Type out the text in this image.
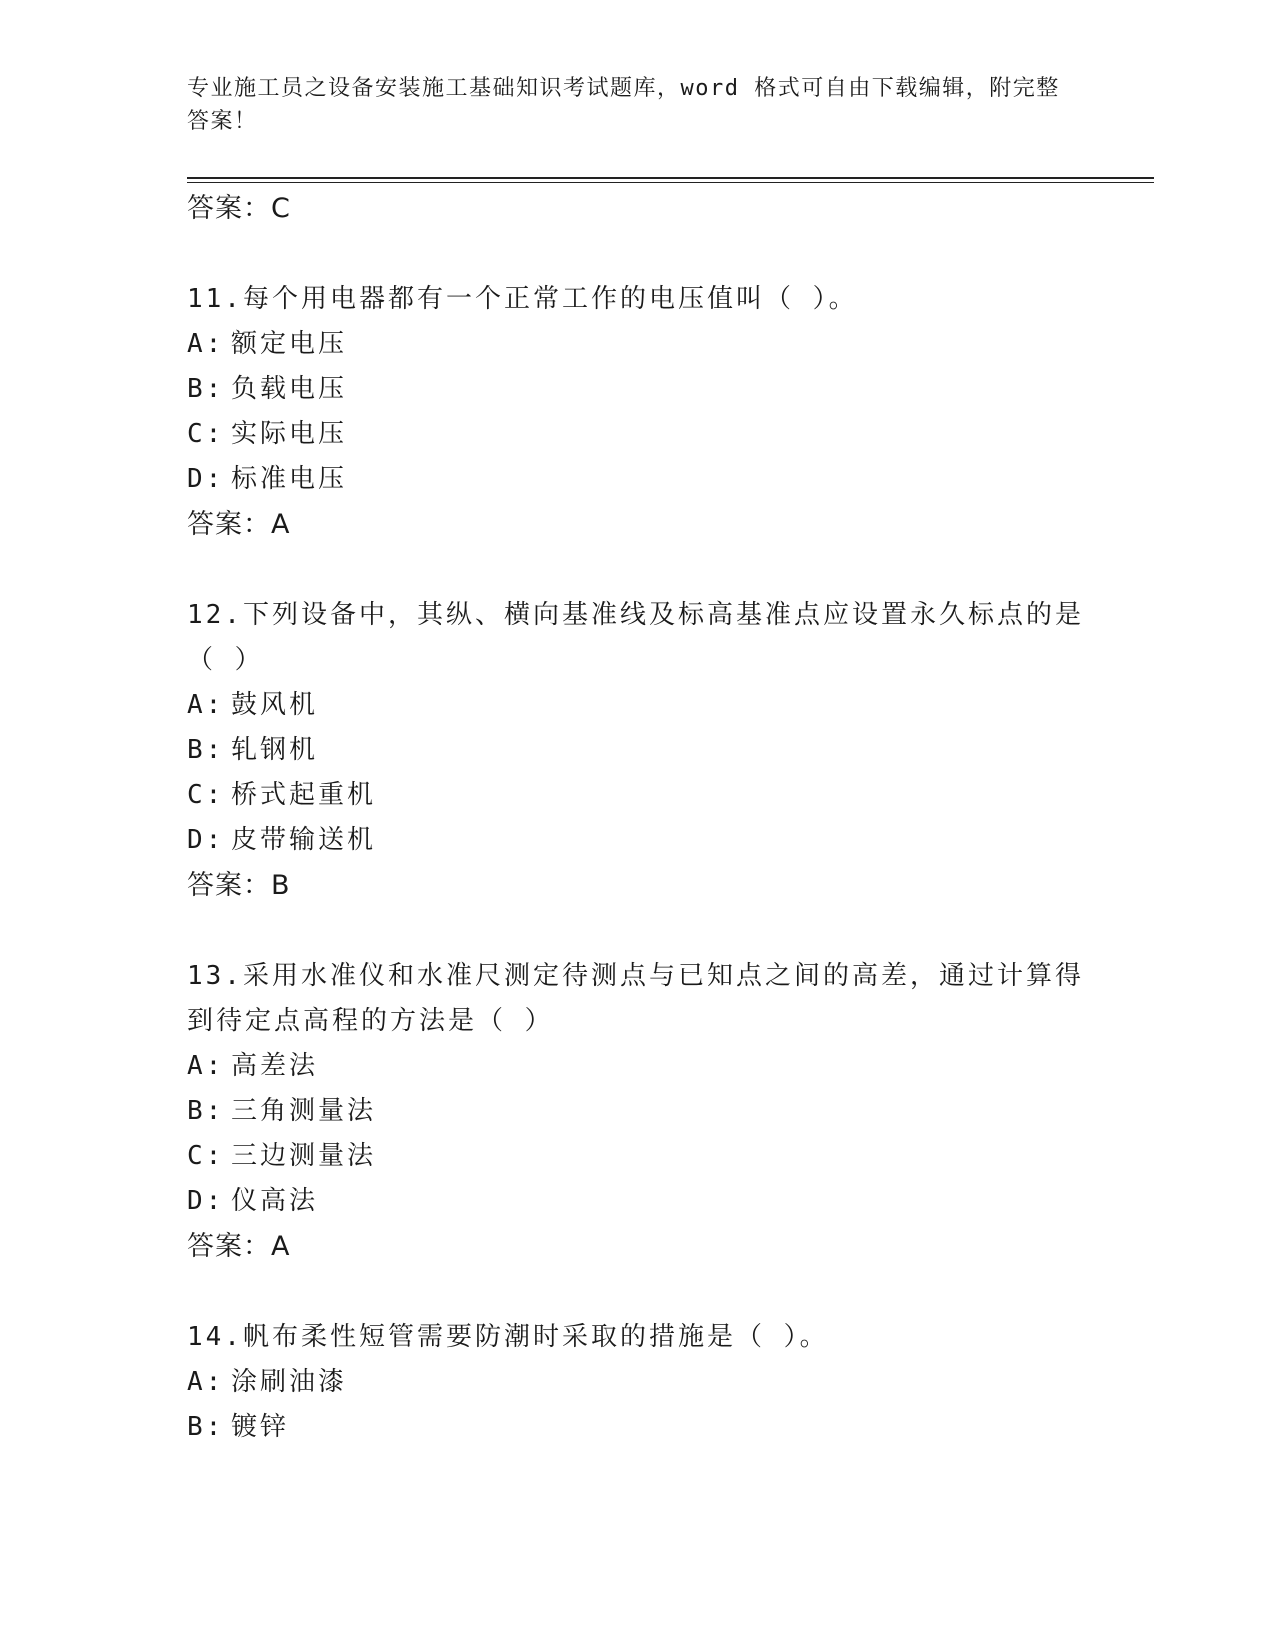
专业施工员之设备安装施工基础知识考试题库，word 格式可自由下载编辑，附完整答案！

答案：C

11.每个用电器都有一个正常工作的电压值叫（ ）。

A: 额定电压

B: 负载电压

C: 实际电压

D: 标准电压

答案：A

12.下列设备中，其纵、横向基准线及标高基准点应设置永久标点的是（ ）

A: 鼓风机

B: 轧钢机

C: 桥式起重机

D: 皮带输送机

答案：B

13.采用水准仪和水准尺测定待测点与已知点之间的高差，通过计算得到待定点高程的方法是（ ）

A: 高差法

B: 三角测量法

C: 三边测量法

D: 仪高法

答案：A

14.帆布柔性短管需要防潮时采取的措施是（ ）。

A: 涂刷油漆

B: 镀锌
